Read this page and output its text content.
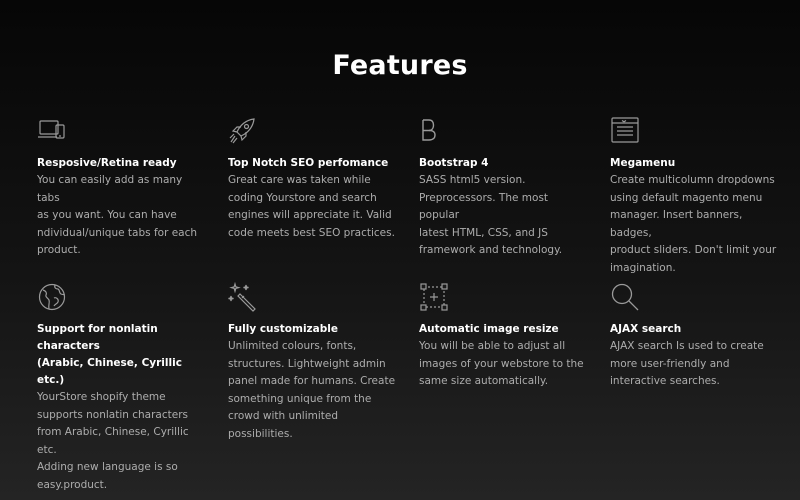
Features
Resposive/Retina ready
You can easily add as many tabs
as you want. You can have
ndividual/unique tabs for each
product.
Top Notch SEO perfomance
Great care was taken while
coding Yourstore and search
engines will appreciate it. Valid
code meets best SEO practices.
Bootstrap 4
SASS html5 version.
Preprocessors. The most popular
latest HTML, CSS, and JS
framework and technology.
Megamenu
Create multicolumn dropdowns
using default magento menu
manager. Insert banners, badges,
product sliders. Don't limit your
imagination.
Support for nonlatin characters
(Arabic, Chinese, Cyrillic etc.)
YourStore shopify theme
supports nonlatin characters
from Arabic, Chinese, Cyrillic etc.
Adding new language is so
easy.product.
Fully customizable
Unlimited colours, fonts,
structures. Lightweight admin
panel made for humans. Create
something unique from the
crowd with unlimited
possibilities.
Automatic image resize
You will be able to adjust all
images of your webstore to the
same size automatically.
AJAX search
AJAX search Is used to create
more user-friendly and
interactive searches.
